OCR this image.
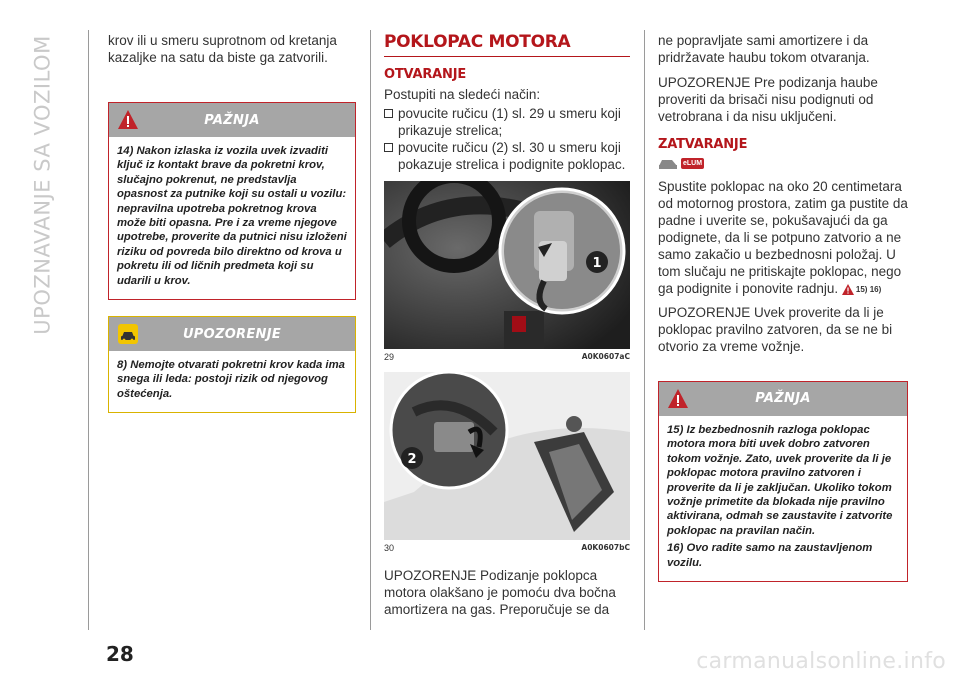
UPOZNAVANJE SA VOZILOM	krov ili u smeru suprotnom od kretanja kazaljke na satu da biste ga zatvorili.

PAŽNJA

14) Nakon izlaska iz vozila uvek izvaditi ključ iz kontakt brave da pokretni krov, slučajno pokrenut, ne predstavlja opasnost za putnike koji su ostali u vozilu: nepravilna upotreba pokretnog krova može biti opasna. Pre i za vreme njegove upotrebe, proverite da putnici nisu izloženi riziku od povreda bilo direktno od krova u pokretu ili od ličnih predmeta koji su udarili u krov.

UPOZORENJE

8) Nemojte otvarati pokretni krov kada ima snega ili leda: postoji rizik od njegovog oštećenja.

POKLOPAC MOTORA
OTVARANJE

Postupiti na sledeći način:

povucite ručicu (1) sl. 29 u smeru koji prikazuje strelica;

povucite ručicu (2) sl. 30 u smeru koji pokazuje strelica i podignite poklopac.

1
29	A0K0607aC
2
30	A0K0607bC

UPOZORENJE Podizanje poklopca motora olakšano je pomoću dva bočna amortizera na gas. Preporučuje se da

ne popravljate sami amortizere i da pridržavate haubu tokom otvaranja.

UPOZORENJE Pre podizanja haube proveriti da brisači nisu podignuti od vetrobrana i da nisu uključeni.

ZATVARANJE
eLUM

Spustite poklopac na oko 20 centimetara od motornog prostora, zatim ga pustite da padne i uverite se, pokušavajući da ga podignete, da li se potpuno zatvorio a ne samo zakačio u bezbednosni položaj. U tom slučaju ne pritiskajte poklopac, nego ga podignite i ponovite radnju. 15) 16)

UPOZORENJE Uvek proverite da li je poklopac pravilno zatvoren, da se ne bi otvorio za vreme vožnje.

PAŽNJA

15) Iz bezbednosnih razloga poklopac motora mora biti uvek dobro zatvoren tokom vožnje. Zato, uvek proverite da li je poklopac motora pravilno zatvoren i proverite da li je zaključan. Ukoliko tokom vožnje primetite da blokada nije pravilno aktivirana, odmah se zaustavite i zatvorite poklopac na pravilan način.

16) Ovo radite samo na zaustavljenom vozilu.

28	carmanualsonline.info
